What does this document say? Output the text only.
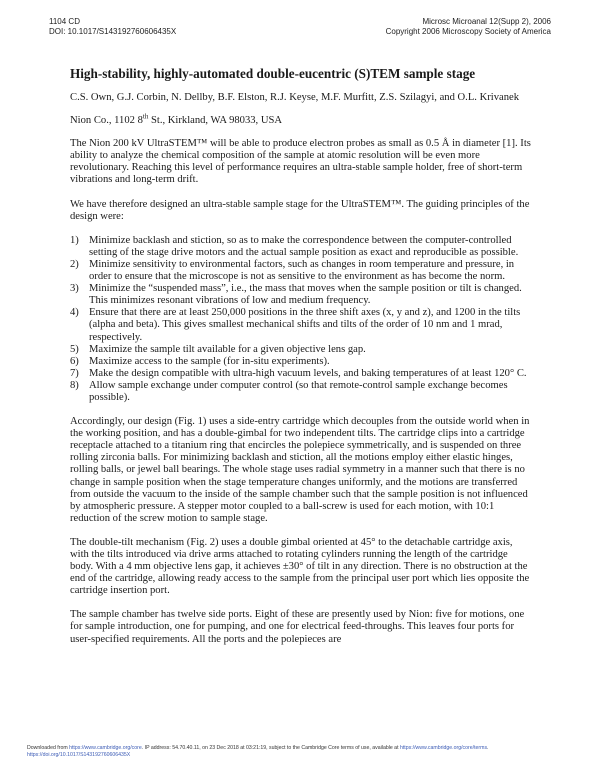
1104 CD
DOI: 10.1017/S143192760606435X
Microsc Microanal 12(Supp 2), 2006
Copyright 2006 Microscopy Society of America
High-stability, highly-automated double-eucentric (S)TEM sample stage
C.S. Own, G.J. Corbin, N. Dellby, B.F. Elston, R.J. Keyse, M.F. Murfitt, Z.S. Szilagyi, and O.L. Krivanek
Nion Co., 1102 8th St., Kirkland, WA 98033, USA

The Nion 200 kV UltraSTEM™ will be able to produce electron probes as small as 0.5 Å in diameter [1]. Its ability to analyze the chemical composition of the sample at atomic resolution will be even more revolutionary. Reaching this level of performance requires an ultra-stable sample holder, free of short-term vibrations and long-term drift.

We have therefore designed an ultra-stable sample stage for the UltraSTEM™. The guiding principles of the design were:

1) Minimize backlash and stiction, so as to make the correspondence between the computer-controlled setting of the stage drive motors and the actual sample position as exact and reproducible as possible.
2) Minimize sensitivity to environmental factors, such as changes in room temperature and pressure, in order to ensure that the microscope is not as sensitive to the environment as has become the norm.
3) Minimize the “suspended mass”, i.e., the mass that moves when the sample position or tilt is changed. This minimizes resonant vibrations of low and medium frequency.
4) Ensure that there are at least 250,000 positions in the three shift axes (x, y and z), and 1200 in the tilts (alpha and beta). This gives smallest mechanical shifts and tilts of the order of 10 nm and 1 mrad, respectively.
5) Maximize the sample tilt available for a given objective lens gap.
6) Maximize access to the sample (for in-situ experiments).
7) Make the design compatible with ultra-high vacuum levels, and baking temperatures of at least 120° C.
8) Allow sample exchange under computer control (so that remote-control sample exchange becomes possible).

Accordingly, our design (Fig. 1) uses a side-entry cartridge which decouples from the outside world when in the working position, and has a double-gimbal for two independent tilts. The cartridge clips into a cartridge receptacle attached to a titanium ring that encircles the polepiece symmetrically, and is suspended on three rolling zirconia balls. For minimizing backlash and stiction, all the motions employ either elastic hinges, rolling balls, or jewel ball bearings. The whole stage uses radial symmetry in a manner such that there is no change in sample position when the stage temperature changes uniformly, and the motions are transferred from outside the vacuum to the inside of the sample chamber such that the sample position is not influenced by atmospheric pressure. A stepper motor coupled to a ball-screw is used for each motion, with 10:1 reduction of the screw motion to sample stage.

The double-tilt mechanism (Fig. 2) uses a double gimbal oriented at 45° to the detachable cartridge axis, with the tilts introduced via drive arms attached to rotating cylinders running the length of the cartridge body. With a 4 mm objective lens gap, it achieves ±30° of tilt in any direction. There is no obstruction at the end of the cartridge, allowing ready access to the sample from the principal user port which lies opposite the cartridge insertion port.

The sample chamber has twelve side ports. Eight of these are presently used by Nion: five for motions, one for sample introduction, one for pumping, and one for electrical feed-throughs. This leaves four ports for user-specified requirements. All the ports and the polepieces are

Downloaded from https://www.cambridge.org/core. IP address: 54.70.40.11, on 23 Dec 2018 at 03:21:19, subject to the Cambridge Core terms of use, available at https://www.cambridge.org/core/terms.
https://doi.org/10.1017/S143192760606435X
